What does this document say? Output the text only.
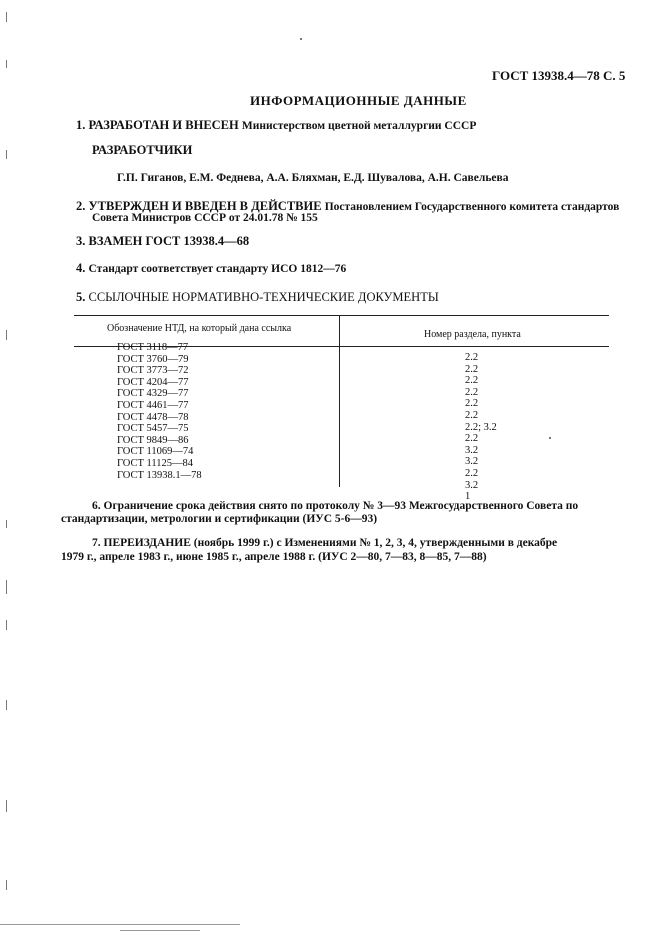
ГОСТ 13938.4—78 С. 5
ИНФОРМАЦИОННЫЕ ДАННЫЕ
1. РАЗРАБОТАН И ВНЕСЕН Министерством цветной металлургии СССР
РАЗРАБОТЧИКИ
Г.П. Гиганов, Е.М. Феднева, А.А. Бляхман, Е.Д. Шувалова, А.Н. Савельева
2. УТВЕРЖДЕН И ВВЕДЕН В ДЕЙСТВИЕ Постановлением Государственного комитета стандартов
Совета Министров СССР от 24.01.78 № 155
3. ВЗАМЕН ГОСТ 13938.4—68
4. Стандарт соответствует стандарту ИСО 1812—76
5. ССЫЛОЧНЫЕ НОРМАТИВНО-ТЕХНИЧЕСКИЕ ДОКУМЕНТЫ
Обозначение НТД, на который дана ссылка
Номер раздела, пункта
ГОСТ 3118—77
ГОСТ 3760—79
ГОСТ 3773—72
ГОСТ 4204—77
ГОСТ 4329—77
ГОСТ 4461—77
ГОСТ 4478—78
ГОСТ 5457—75
ГОСТ 9849—86
ГОСТ 11069—74
ГОСТ 11125—84
ГОСТ 13938.1—78
2.2
2.2
2.2
2.2
2.2
2.2
2.2; 3.2
2.2
3.2
3.2
2.2
3.2
1
6. Ограничение срока действия снято по протоколу № 3—93 Межгосударственного Совета по
стандартизации, метрологии и сертификации (ИУС 5-6—93)
7. ПЕРЕИЗДАНИЕ (ноябрь 1999 г.) с Изменениями № 1, 2, 3, 4, утвержденными в декабре
1979 г., апреле 1983 г., июне 1985 г., апреле 1988 г. (ИУС 2—80, 7—83, 8—85, 7—88)
